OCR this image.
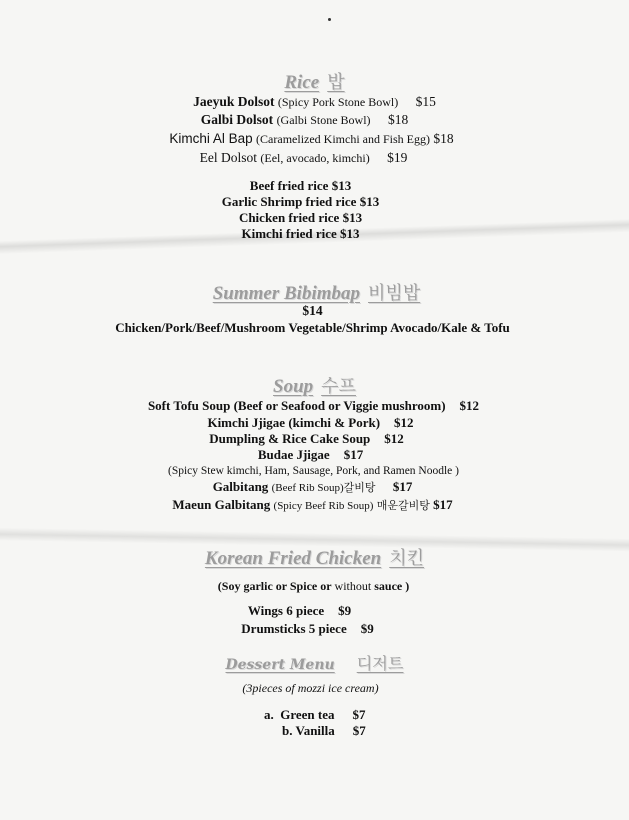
Rice 밥
Jaeyuk Dolsot (Spicy Pork Stone Bowl) $15
Galbi Dolsot (Galbi Stone Bowl) $18
Kimchi Al Bap (Caramelized Kimchi and Fish Egg) $18
Eel Dolsot (Eel, avocado, kimchi) $19
Beef fried rice $13
Garlic Shrimp fried rice $13
Chicken fried rice $13
Kimchi fried rice $13
Summer Bibimbap 비빔밥
$14
Chicken/Pork/Beef/Mushroom Vegetable/Shrimp Avocado/Kale & Tofu
Soup 수프
Soft Tofu Soup (Beef or Seafood or Viggie mushroom) $12
Kimchi Jjigae (kimchi & Pork) $12
Dumpling & Rice Cake Soup $12
Budae Jjigae $17
(Spicy Stew kimchi, Ham, Sausage, Pork, and Ramen Noodle )
Galbitang (Beef Rib Soup)갈비탕 $17
Maeun Galbitang (Spicy Beef Rib Soup) 매운갈비탕 $17
Korean Fried Chicken 치킨
(Soy garlic or Spice or without sauce )
Wings 6 piece $9
Drumsticks 5 piece $9
Dessert Menu 디저트
(3pieces of mozzi ice cream)
a. Green tea $7
b. Vanilla $7
